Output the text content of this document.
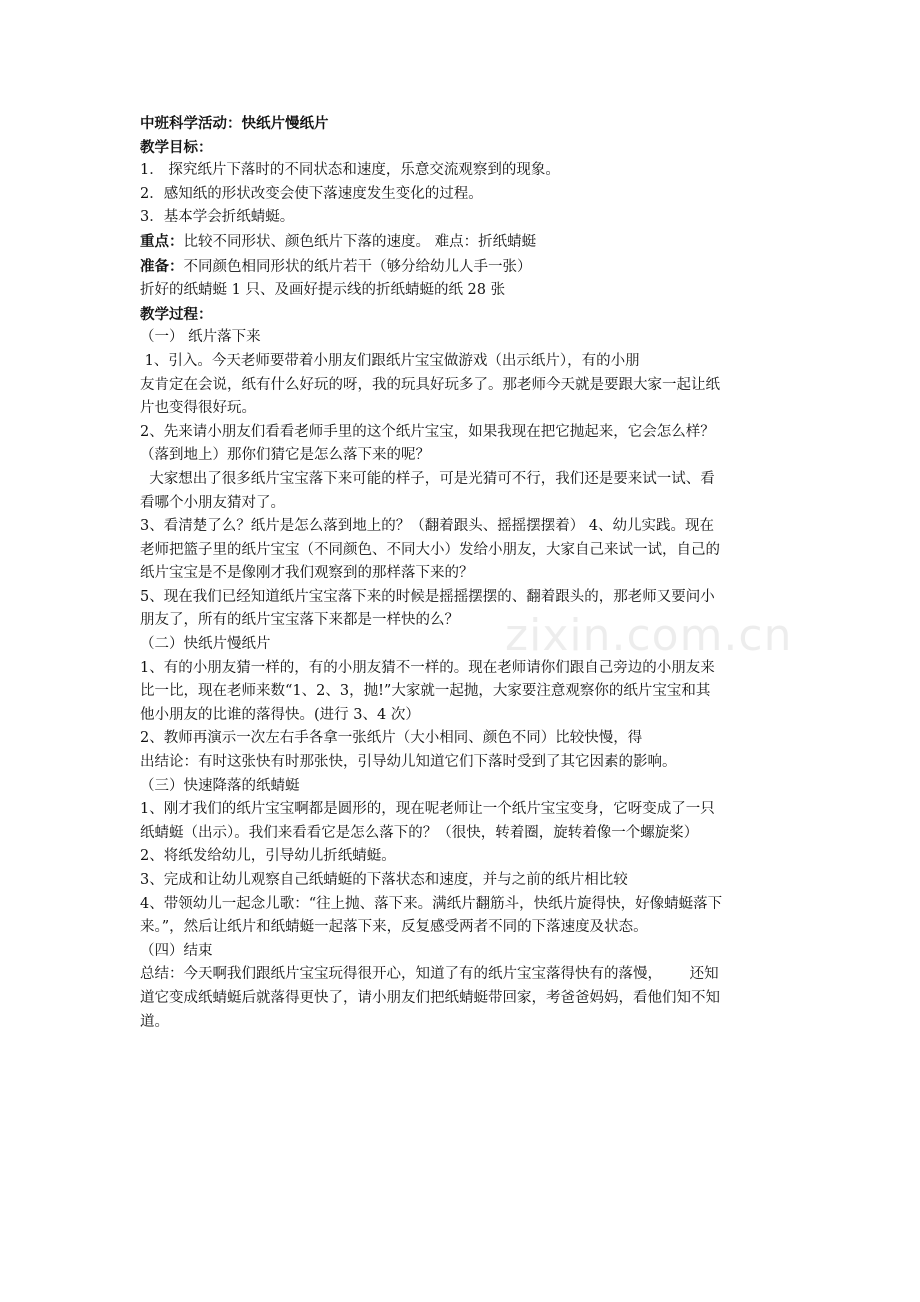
zixin.com.cn
中班科学活动：快纸片慢纸片
教学目标：
1． 探究纸片下落时的不同状态和速度，乐意交流观察到的现象。
2．感知纸的形状改变会使下落速度发生变化的过程。
3．基本学会折纸蜻蜓。
重点：比较不同形状、颜色纸片下落的速度。 难点：折纸蜻蜓
准备：不同颜色相同形状的纸片若干（够分给幼儿人手一张）
折好的纸蜻蜓 1 只、及画好提示线的折纸蜻蜓的纸 28 张
教学过程：
（一） 纸片落下来
1、引入。今天老师要带着小朋友们跟纸片宝宝做游戏（出示纸片），有的小朋
友肯定在会说，纸有什么好玩的呀，我的玩具好玩多了。那老师今天就是要跟大家一起让纸
片也变得很好玩。
2、先来请小朋友们看看老师手里的这个纸片宝宝，如果我现在把它抛起来，它会怎么样？
（落到地上）那你们猜它是怎么落下来的呢？
大家想出了很多纸片宝宝落下来可能的样子，可是光猜可不行，我们还是要来试一试、看
看哪个小朋友猜对了。
3、看清楚了么？纸片是怎么落到地上的？（翻着跟头、摇摇摆摆着） 4、幼儿实践。现在
老师把篮子里的纸片宝宝（不同颜色、不同大小）发给小朋友，大家自己来试一试，自己的
纸片宝宝是不是像刚才我们观察到的那样落下来的？
5、现在我们已经知道纸片宝宝落下来的时候是摇摇摆摆的、翻着跟头的，那老师又要问小
朋友了，所有的纸片宝宝落下来都是一样快的么？
（二）快纸片慢纸片
1、有的小朋友猜一样的，有的小朋友猜不一样的。现在老师请你们跟自己旁边的小朋友来
比一比，现在老师来数“1、2、3，抛!”大家就一起抛，大家要注意观察你的纸片宝宝和其
他小朋友的比谁的落得快。(进行 3、4 次）
2、教师再演示一次左右手各拿一张纸片（大小相同、颜色不同）比较快慢，得
出结论：有时这张快有时那张快，引导幼儿知道它们下落时受到了其它因素的影响。
（三）快速降落的纸蜻蜓
1、刚才我们的纸片宝宝啊都是圆形的，现在呢老师让一个纸片宝宝变身，它呀变成了一只
纸蜻蜓（出示）。我们来看看它是怎么落下的？（很快，转着圈，旋转着像一个螺旋桨）
2、将纸发给幼儿，引导幼儿折纸蜻蜓。
3、完成和让幼儿观察自己纸蜻蜓的下落状态和速度，并与之前的纸片相比较
4、带领幼儿一起念儿歌：“往上抛、落下来。满纸片翻筋斗，快纸片旋得快，好像蜻蜓落下
来。”，然后让纸片和纸蜻蜓一起落下来，反复感受两者不同的下落速度及状态。
（四）结束
总结：今天啊我们跟纸片宝宝玩得很开心，知道了有的纸片宝宝落得快有的落慢，      还知
道它变成纸蜻蜓后就落得更快了，请小朋友们把纸蜻蜓带回家，考爸爸妈妈，看他们知不知
道。
